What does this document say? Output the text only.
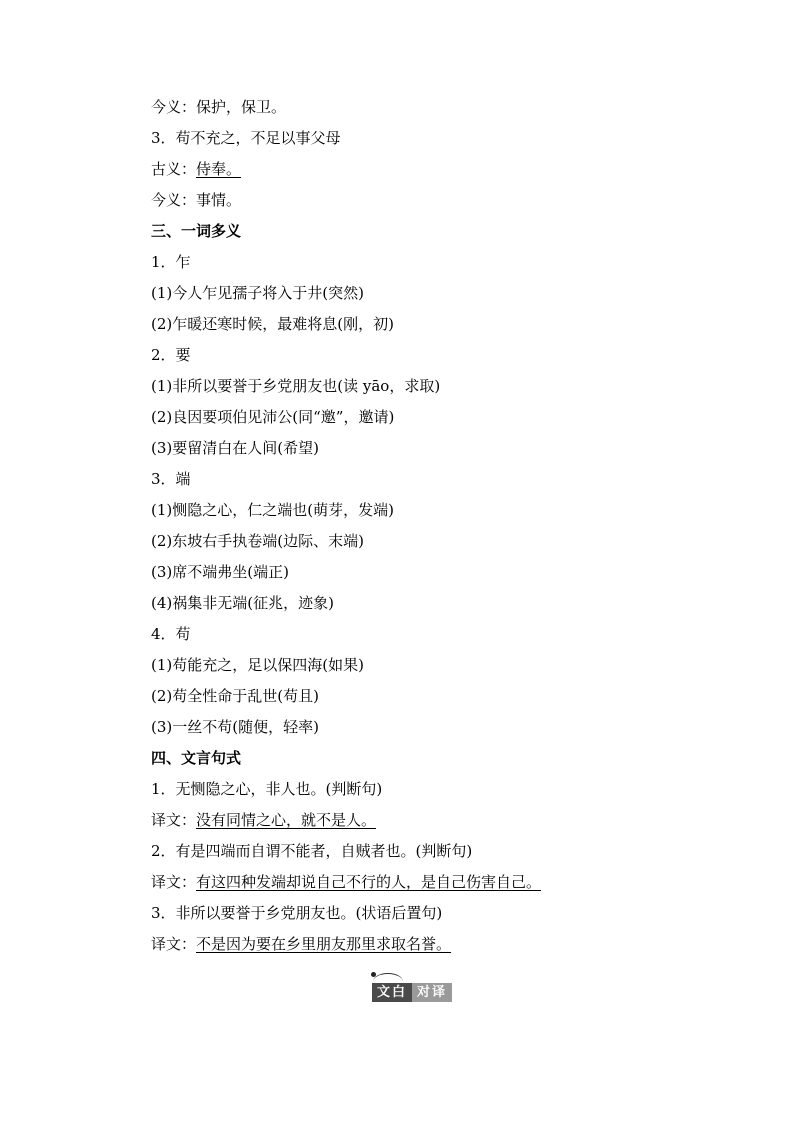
今义：保护，保卫。
3．苟不充之，不足以事父母
古义：侍奉。
今义：事情。
三、一词多义
1．乍
(1)今人乍见孺子将入于井(突然)
(2)乍暖还寒时候，最难将息(刚，初)
2．要
(1)非所以要誉于乡党朋友也(读 yāo，求取)
(2)良因要项伯见沛公(同“邀”，邀请)
(3)要留清白在人间(希望)
3．端
(1)恻隐之心，仁之端也(萌芽，发端)
(2)东坡右手执卷端(边际、末端)
(3)席不端弗坐(端正)
(4)祸集非无端(征兆，迹象)
4．苟
(1)苟能充之，足以保四海(如果)
(2)苟全性命于乱世(苟且)
(3)一丝不苟(随便，轻率)
四、文言句式
1．无恻隐之心，非人也。(判断句)
译文：没有同情之心，就不是人。
2．有是四端而自谓不能者，自贼者也。(判断句)
译文：有这四种发端却说自己不行的人，是自己伤害自己。
3．非所以要誉于乡党朋友也。(状语后置句)
译文：不是因为要在乡里朋友那里求取名誉。
文白 对译
